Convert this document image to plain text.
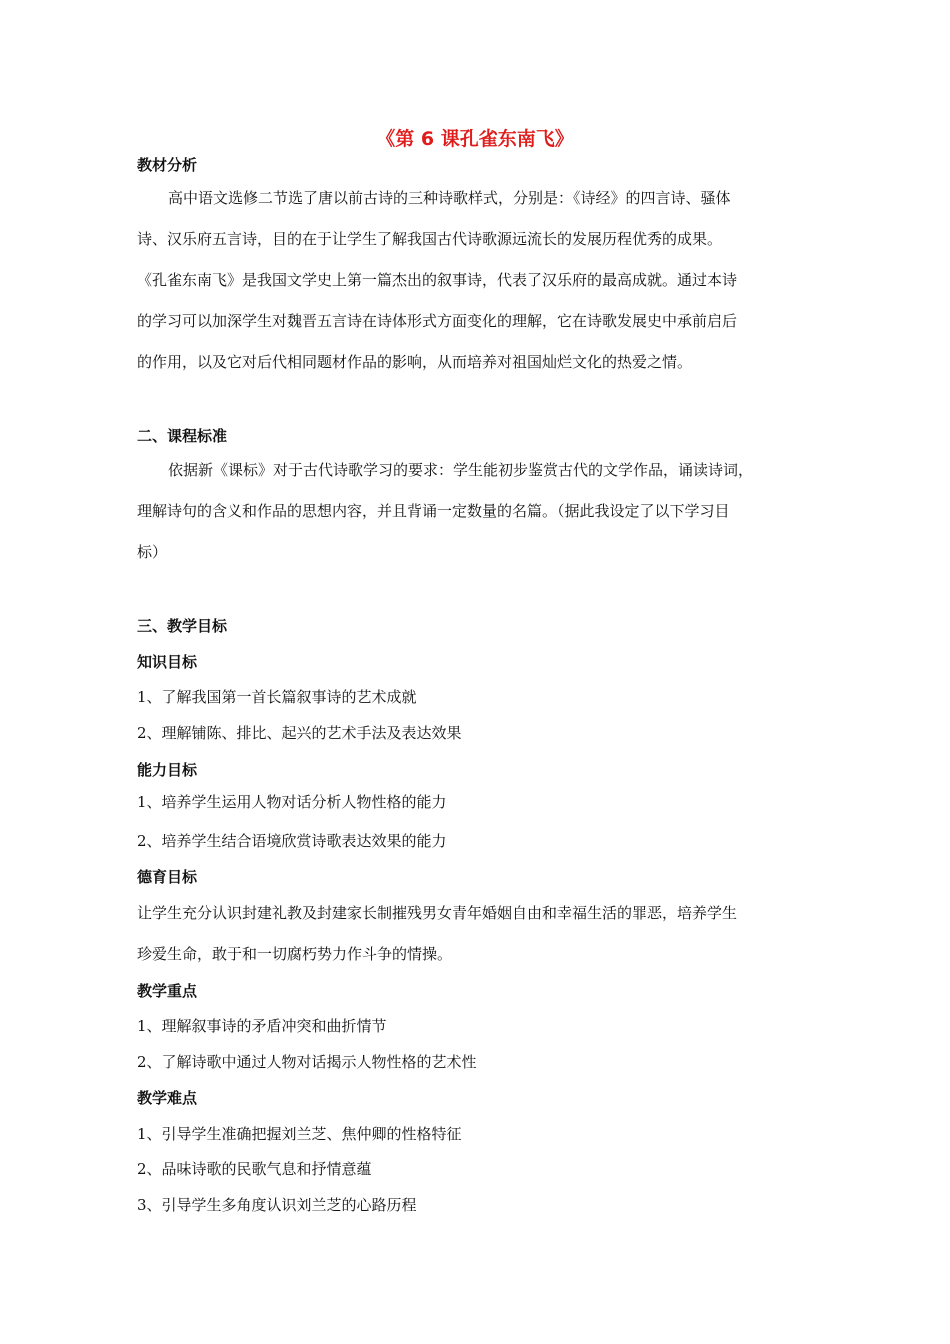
《第 6 课孔雀东南飞》
教材分析
高中语文选修二节选了唐以前古诗的三种诗歌样式，分别是：《诗经》的四言诗、骚体
诗、汉乐府五言诗，目的在于让学生了解我国古代诗歌源远流长的发展历程优秀的成果。
《孔雀东南飞》是我国文学史上第一篇杰出的叙事诗，代表了汉乐府的最高成就。通过本诗
的学习可以加深学生对魏晋五言诗在诗体形式方面变化的理解，它在诗歌发展史中承前启后
的作用，以及它对后代相同题材作品的影响，从而培养对祖国灿烂文化的热爱之情。
二、课程标准
依据新《课标》对于古代诗歌学习的要求：学生能初步鉴赏古代的文学作品，诵读诗词，
理解诗句的含义和作品的思想内容，并且背诵一定数量的名篇。（据此我设定了以下学习目
标）
三、教学目标
知识目标
1、了解我国第一首长篇叙事诗的艺术成就
2、理解铺陈、排比、起兴的艺术手法及表达效果
能力目标
1、培养学生运用人物对话分析人物性格的能力
2、培养学生结合语境欣赏诗歌表达效果的能力
德育目标
让学生充分认识封建礼教及封建家长制摧残男女青年婚姻自由和幸福生活的罪恶，培养学生
珍爱生命，敢于和一切腐朽势力作斗争的情操。
教学重点
1、理解叙事诗的矛盾冲突和曲折情节
2、了解诗歌中通过人物对话揭示人物性格的艺术性
教学难点
1、引导学生准确把握刘兰芝、焦仲卿的性格特征
2、品味诗歌的民歌气息和抒情意蕴
3、引导学生多角度认识刘兰芝的心路历程
